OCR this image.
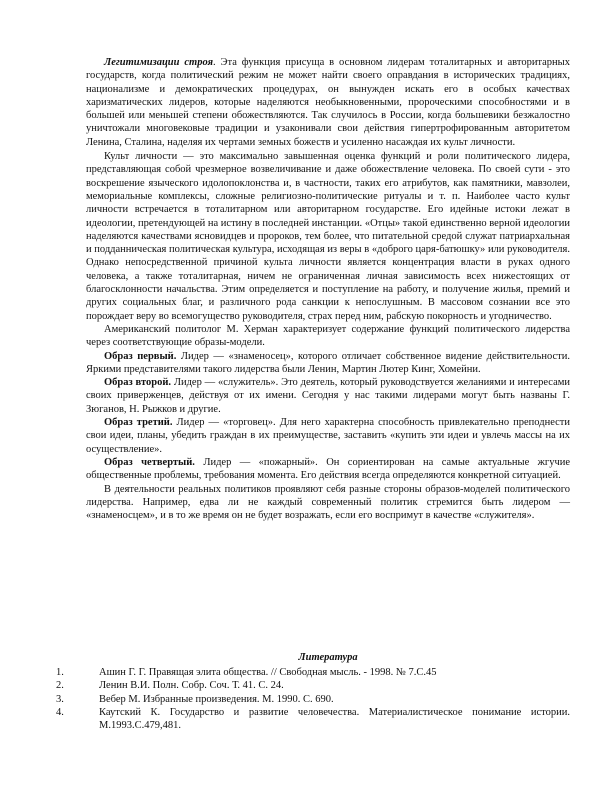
Легитимизации строя. Эта функция присуща в основном лидерам тоталитарных и авторитарных государств, когда политический режим не может найти своего оправдания в исторических традициях, национализме и демократических процедурах, он вынужден искать его в особых качествах харизматических лидеров, которые наделяются необыкновенными, пророческими способностями и в большей или меньшей степени обожествляются. Так случилось в России, когда большевики безжалостно уничтожали многовековые традиции и узаконивали свои действия гипертрофированным авторитетом Ленина, Сталина, наделяя их чертами земных божеств и усиленно насаждая их культ личности.

Культ личности — это максимально завышенная оценка функций и роли политического лидера, представляющая собой чрезмерное возвеличивание и даже обожествление человека. По своей сути - это воскрешение языческого идолопоклонства и, в частности, таких его атрибутов, как памятники, мавзолеи, мемориальные комплексы, сложные религиозно-политические ритуалы и т. п. Наиболее часто культ личности встречается в тоталитарном или авторитарном государстве. Его идейные истоки лежат в идеологии, претендующей на истину в последней инстанции. «Отцы» такой единственно верной идеологии наделяются качествами ясновидцев и пророков, тем более, что питательной средой служат патриархальная и подданническая политическая культура, исходящая из веры в «доброго царя-батюшку» или руководителя. Однако непосредственной причиной культа личности является концентрация власти в руках одного человека, а также тоталитарная, ничем не ограниченная личная зависимость всех нижестоящих от благосклонности начальства. Этим определяется и поступление на работу, и получение жилья, премий и других социальных благ, и различного рода санкции к непослушным. В массовом сознании все это порождает веру во всемогущество руководителя, страх перед ним, рабскую покорность и угодничество.

Американский политолог М. Херман характеризует содержание функций политического лидерства через соответствующие образы-модели.

Образ первый. Лидер — «знаменосец», которого отличает собственное видение действительности. Яркими представителями такого лидерства были Ленин, Мартин Лютер Кинг, Хомейни.

Образ второй. Лидер — «служитель». Это деятель, который руководствуется желаниями и интересами своих приверженцев, действуя от их имени. Сегодня у нас такими лидерами могут быть названы Г. Зюганов, Н. Рыжков и другие.

Образ третий. Лидер — «торговец». Для него характерна способность привлекательно преподнести свои идеи, планы, убедить граждан в их преимуществе, заставить «купить эти идеи и увлечь массы на их осуществление».

Образ четвертый. Лидер — «пожарный». Он сориентирован на самые актуальные жгучие общественные проблемы, требования момента. Его действия всегда определяются конкретной ситуацией.

В деятельности реальных политиков проявляют себя разные стороны образов-моделей политического лидерства. Например, едва ли не каждый современный политик стремится быть лидером — «знаменосцем», и в то же время он не будет возражать, если его воспримут в качестве «служителя».

Литература
1.	Ашин Г. Г. Правящая элита общества. // Свободная мысль. - 1998. № 7.С.45
2.	Ленин В.И. Полн. Собр. Соч. Т. 41. С. 24.
3.	Вебер М. Избранные произведения. М. 1990. С. 690.
4.	Каутский К. Государство и развитие человечества. Материалистическое понимание истории. М.1993.С.479,481.
